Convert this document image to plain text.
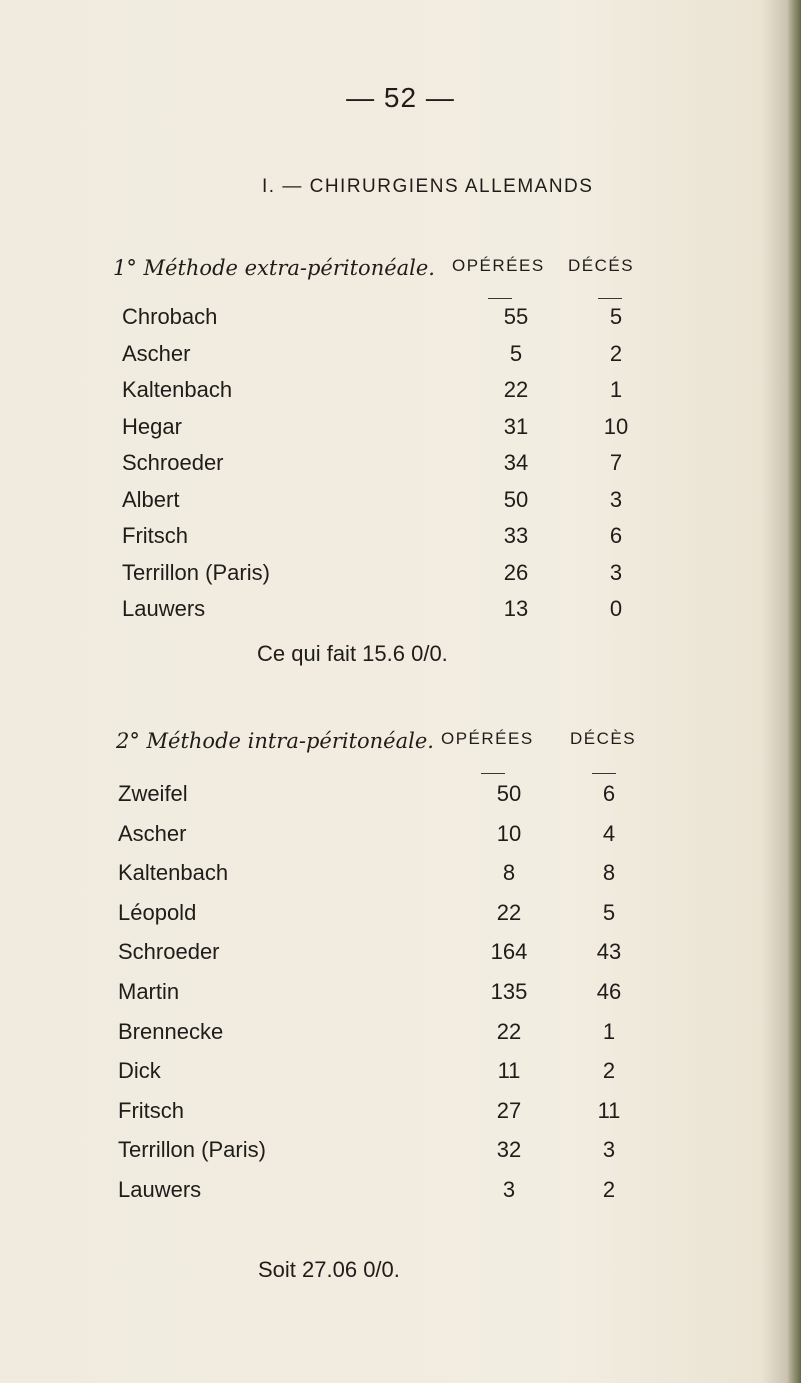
— 52 —
I. — CHIRURGIENS ALLEMANDS
1° Méthode extra-péritonéale. OPÉRÉES DÉCÉS
Chrobach	55	5
Ascher	5	2
Kaltenbach	22	1
Hegar	31	10
Schroeder	34	7
Albert	50	3
Fritsch	33	6
Terrillon (Paris)	26	3
Lauwers	13	0
Ce qui fait 15.6 0/0.
2° Méthode intra-péritonéale. OPÉRÉES DÉCÈS
Zweifel	50	6
Ascher	10	4
Kaltenbach	8	8
Léopold	22	5
Schroeder	164	43
Martin	135	46
Brennecke	22	1
Dick	11	2
Fritsch	27	11
Terrillon (Paris)	32	3
Lauwers	3	2
Soit 27.06 0/0.
